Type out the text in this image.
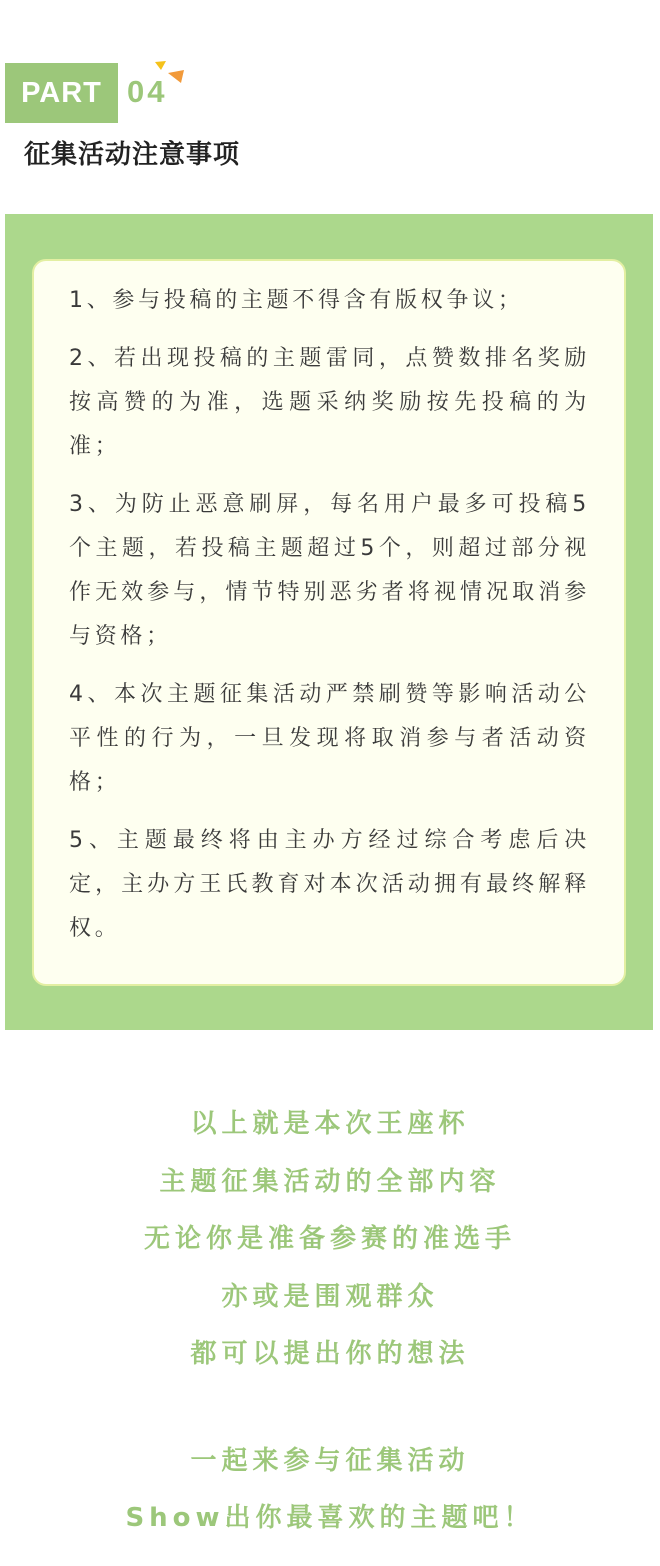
PART 04
征集活动注意事项

1、参与投稿的主题不得含有版权争议；

2、若出现投稿的主题雷同，点赞数排名奖励按高赞的为准，选题采纳奖励按先投稿的为准；

3、为防止恶意刷屏，每名用户最多可投稿5个主题，若投稿主题超过5个，则超过部分视作无效参与，情节特别恶劣者将视情况取消参与资格；

4、本次主题征集活动严禁刷赞等影响活动公平性的行为，一旦发现将取消参与者活动资格；

5、主题最终将由主办方经过综合考虑后决定，主办方王氏教育对本次活动拥有最终解释权。

以上就是本次王座杯
主题征集活动的全部内容
无论你是准备参赛的准选手
亦或是围观群众
都可以提出你的想法
一起来参与征集活动
Show出你最喜欢的主题吧！
